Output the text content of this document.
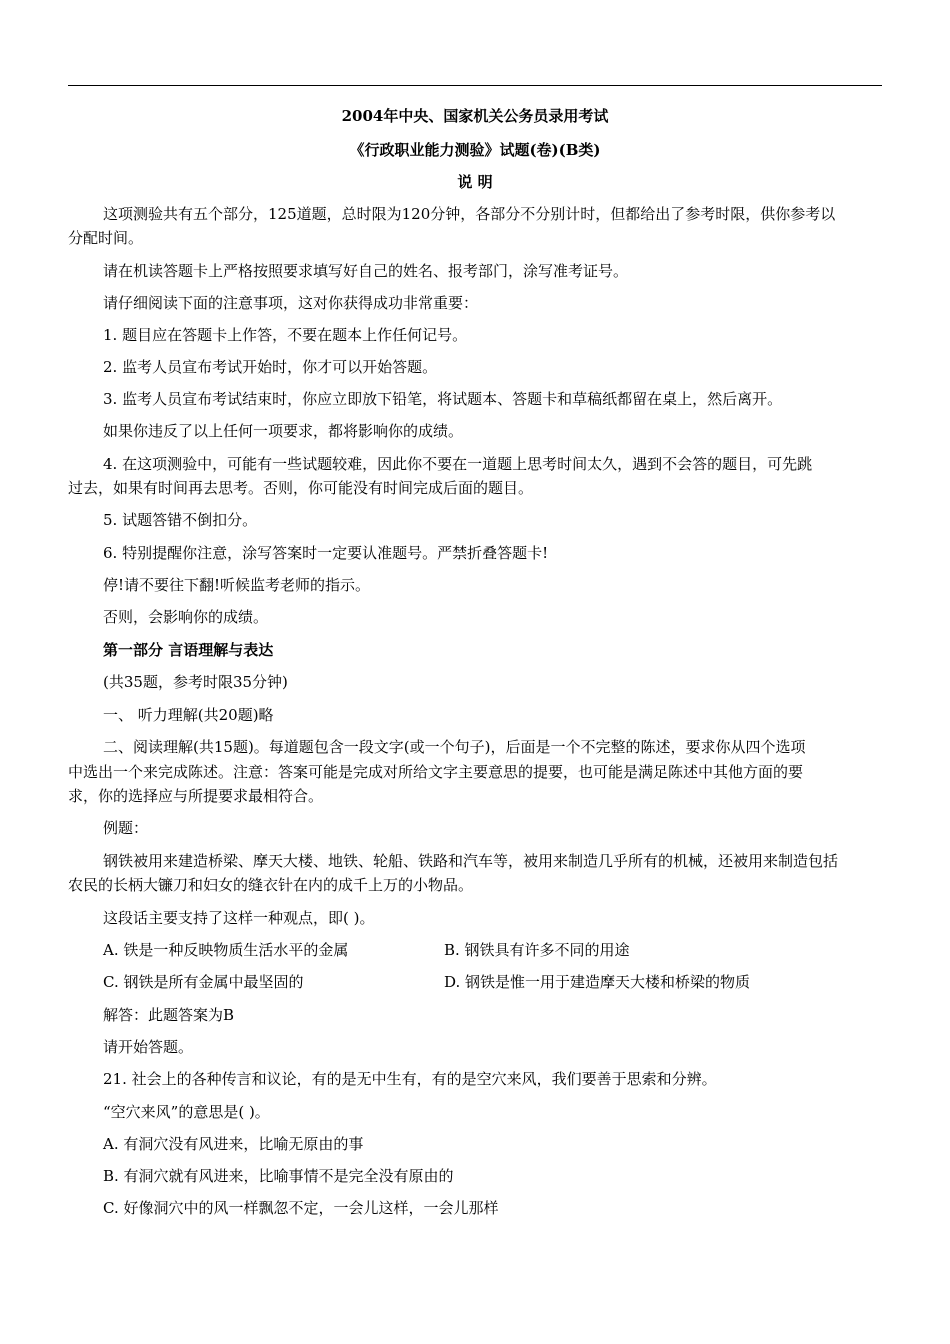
2004年中央、国家机关公务员录用考试
《行政职业能力测验》试题(卷)(B类)
说 明
这项测验共有五个部分，125道题，总时限为120分钟，各部分不分别计时，但都给出了参考时限，供你参考以
分配时间。
请在机读答题卡上严格按照要求填写好自己的姓名、报考部门，涂写准考证号。
请仔细阅读下面的注意事项，这对你获得成功非常重要：
1. 题目应在答题卡上作答，不要在题本上作任何记号。
2. 监考人员宣布考试开始时，你才可以开始答题。
3. 监考人员宣布考试结束时，你应立即放下铅笔，将试题本、答题卡和草稿纸都留在桌上，然后离开。
如果你违反了以上任何一项要求，都将影响你的成绩。
4. 在这项测验中，可能有一些试题较难，因此你不要在一道题上思考时间太久，遇到不会答的题目，可先跳
过去，如果有时间再去思考。否则，你可能没有时间完成后面的题目。
5. 试题答错不倒扣分。
6. 特别提醒你注意，涂写答案时一定要认准题号。严禁折叠答题卡!
停!请不要往下翻!听候监考老师的指示。
否则，会影响你的成绩。
第一部分 言语理解与表达
(共35题，参考时限35分钟)
一、 听力理解(共20题)略
二、阅读理解(共15题)。每道题包含一段文字(或一个句子)，后面是一个不完整的陈述，要求你从四个选项
中选出一个来完成陈述。注意：答案可能是完成对所给文字主要意思的提要，也可能是满足陈述中其他方面的要
求，你的选择应与所提要求最相符合。
例题：
钢铁被用来建造桥梁、摩天大楼、地铁、轮船、铁路和汽车等，被用来制造几乎所有的机械，还被用来制造包括
农民的长柄大镰刀和妇女的缝衣针在内的成千上万的小物品。
这段话主要支持了这样一种观点，即( )。
A. 铁是一种反映物质生活水平的金属	B. 钢铁具有许多不同的用途
C. 钢铁是所有金属中最坚固的	D. 钢铁是惟一用于建造摩天大楼和桥梁的物质
解答：此题答案为B
请开始答题。
21. 社会上的各种传言和议论，有的是无中生有，有的是空穴来风，我们要善于思索和分辨。
“空穴来风”的意思是( )。
A. 有洞穴没有风进来，比喻无原由的事
B. 有洞穴就有风进来，比喻事情不是完全没有原由的
C. 好像洞穴中的风一样飘忽不定，一会儿这样，一会儿那样
